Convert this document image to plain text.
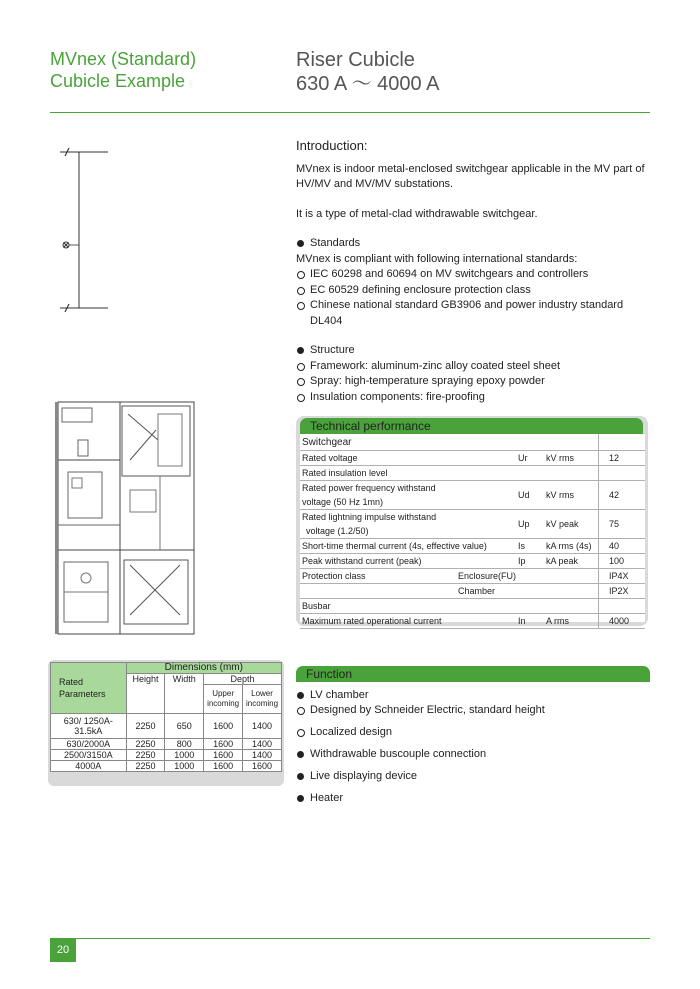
MVnex (Standard)
Cubicle Example
Riser Cubicle
630 A ～ 4000 A
Introduction:

MVnex is indoor metal-enclosed switchgear applicable in the MV part of HV/MV and MV/MV substations.

It is a type of metal-clad withdrawable switchgear.

Standards
MVnex is compliant with following international standards:
IEC 60298 and 60694 on MV switchgears and controllers
EC 60529 defining enclosure protection class
Chinese national standard GB3906 and power industry standard DL404
Structure
Framework: aluminum-zinc alloy coated steel sheet
Spray: high-temperature spraying epoxy powder
Insulation components: fire-proofing
Technical performance
Switchgear				
Rated voltage		Ur	kV rms	12
Rated insulation level				

Rated power frequency withstand
voltage (50 Hz 1mn)		Ud	kV rms	42

Rated lightning impulse withstand
voltage (1.2/50)		Up	kV peak	75
Short-time thermal current (4s, effective value)		Is	kA rms (4s)	40
Peak withstand current (peak)		Ip	kA peak	100
Protection class	Enclosure(FU)			IP4X
	Chamber			IP2X
Busbar				
Maximum rated operational current		In	A rms	4000
Rated Parameters	Dimensions (mm)			
	Height	Width	Depth	
			Upper incoming	Lower incoming
630/ 1250A-31.5kA	2250	650	1600	1400
630/2000A	2250	800	1600	1400
2500/3150A	2250	1000	1600	1400
4000A	2250	1000	1600	1600
Function
LV chamber
Designed by Schneider Electric, standard height
Localized design
Withdrawable buscouple connection
Live displaying device
Heater
20
